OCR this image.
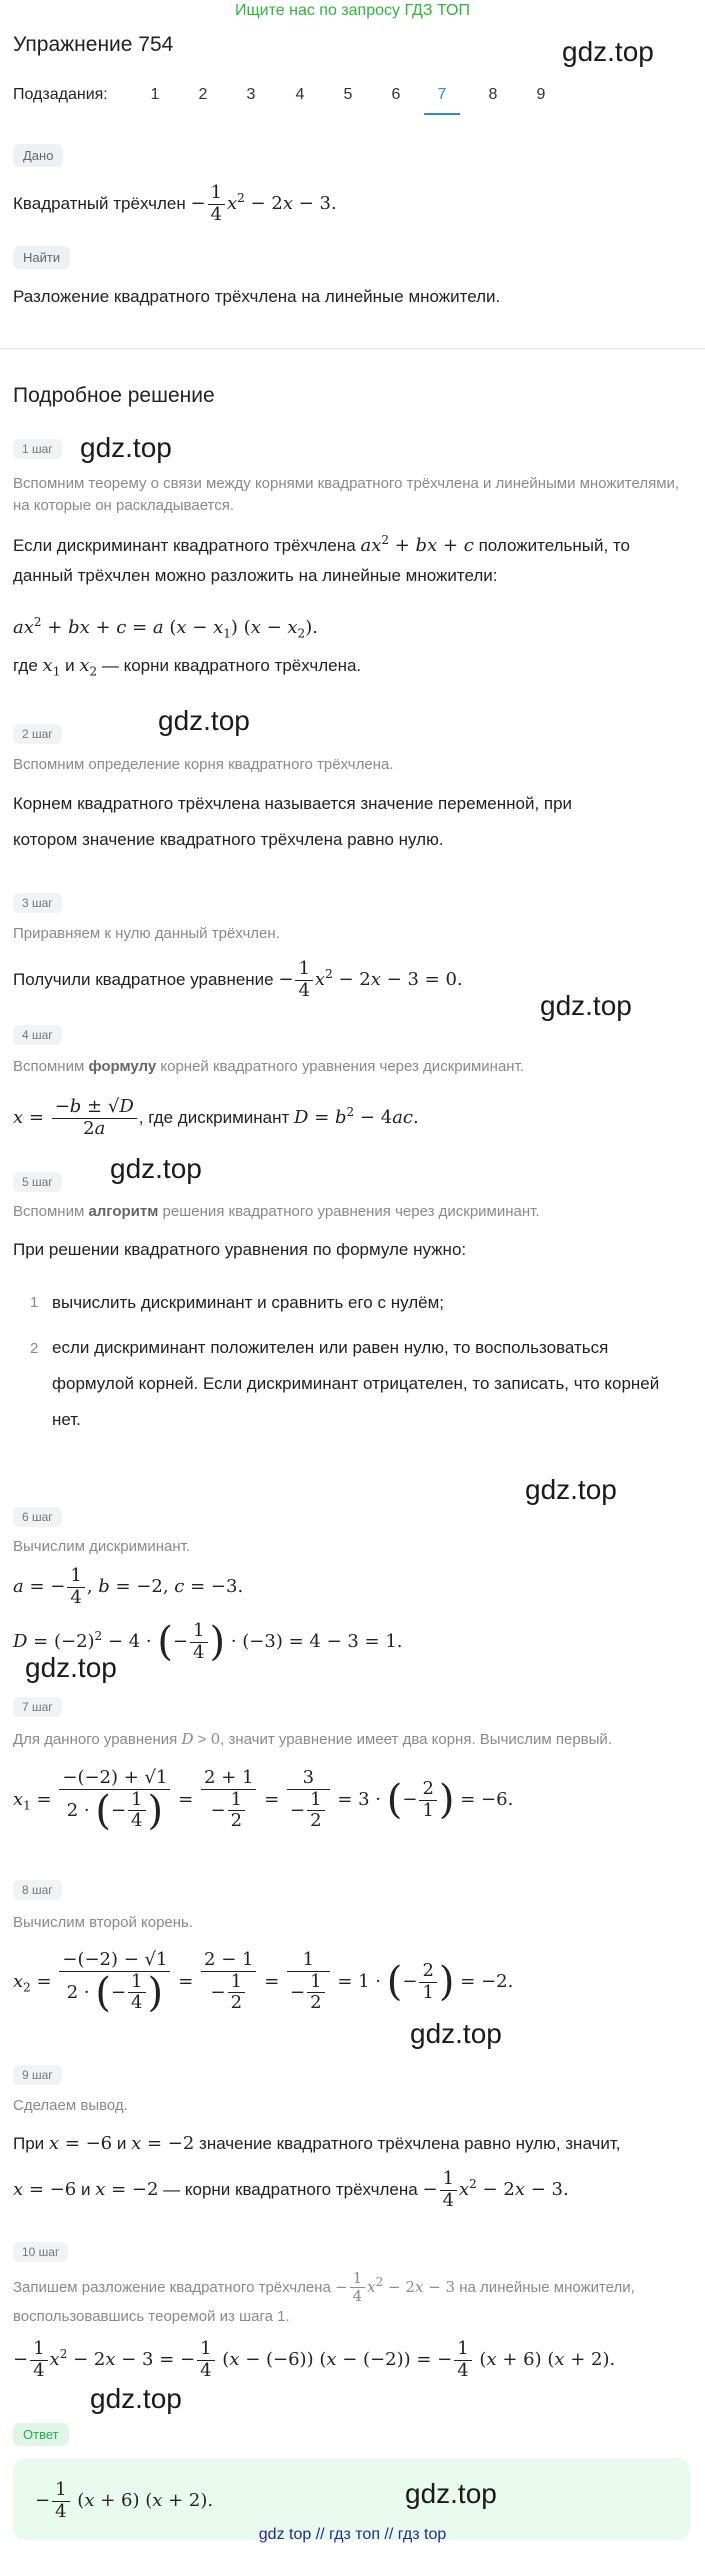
Ищите нас по запросу ГДЗ ТОП
Упражнение 754	gdz.top
Подзадания:	1	2	3	4	5	6	7	8	9
Дано
Квадратный трёхчлен − $\frac{1}{4} x^2 - 2x - 3$.
Найти
Разложение квадратного трёхчлена на линейные множители.
Подробное решение
1 шаг gdz.top
Вспомним теорему о связи между корнями квадратного трёхчлена и линейными множителями, на которые он раскладывается.
Если дискриминант квадратного трёхчлена $ax^2$ + bx + c положительный, то
данный трёхчлен можно разложить на линейные множители:
$ax^2$ + bx + c = a $(x - x_1)$ $(x - x_2)$.
где $x_1$ и $x_2$ — корни квадратного трёхчлена.
2 шаг	gdz.top
Вспомним определение корня квадратного трёхчлена.
Корнем квадратного трёхчлена называется значение переменной, при
котором значение квадратного трёхчлена равно нулю.
3 шаг
Приравняем к нулю данный трёхчлен.
Получили квадратное уравнение − $\frac{1}{4} x^2 - 2x - 3 = 0$.
gdz.top
4 шаг
Вспомним формулу корней квадратного уравнения через дискриминант.
$x = \frac{-b \pm √D}{2a}$ , где дискриминант $D = b^2 - 4ac$.
5 шаг	gdz.top
Вспомним алгоритм решения квадратного уравнения через дискриминант.
При решении квадратного уравнения по формуле нужно:
1 вычислить дискриминант и сравнить его с нулём;
2 если дискриминант положителен или равен нулю, то воспользоваться формулой корней. Если дискриминант отрицателен, то записать, что корней нет.
gdz.top
6 шаг
Вычислим дискриминант.
a = − $\frac{1}{4}$ , b = −2, c = −3.
$D = (-2)^2 - 4$ · (− $\frac{1}{4}$ ) · (−3) = 4 − 3 = 1.
gdz.top
7 шаг
Для данного уравнения D > 0, значит уравнение имеет два корня. Вычислим первый.
$x_1 = \frac{-(-2) + √1}{2 \cdot (- \frac{1}{4} )} = \frac{2 + 1}{- \frac{1}{2}} = \frac{3}{- \frac{1}{2}} = 3$ · (− $\frac{2}{1}$ ) = −6.
8 шаг
Вычислим второй корень.
$x_2 = \frac{-(-2) - √1}{2 \cdot (- \frac{1}{4} )} = \frac{2 - 1}{- \frac{1}{2}} = \frac{1}{- \frac{1}{2}} = 1$ · (− $\frac{2}{1}$ ) = −2.
gdz.top
9 шаг
Сделаем вывод.
При x = −6 и x = −2 значение квадратного трёхчлена равно нулю, значит,
x = −6 и x = −2 — корни квадратного трёхчлена − $\frac{1}{4} x^2 - 2x - 3$.
10 шаг
Запишем разложение квадратного трёхчлена − $\frac{1}{4} x^2 - 2x - 3$ на линейные множители,
воспользовавшись теоремой из шага 1.
− $\frac{1}{4} x^2 - 2x - 3$ = − $\frac{1}{4} (x - (-6)) (x - (-2))$ = − $\frac{1}{4} (x + 6) (x + 2)$.
gdz.top
Ответ
− $\frac{1}{4} (x + 6) (x + 2)$.	gdz.top
gdz top // гдз топ // гдз top
